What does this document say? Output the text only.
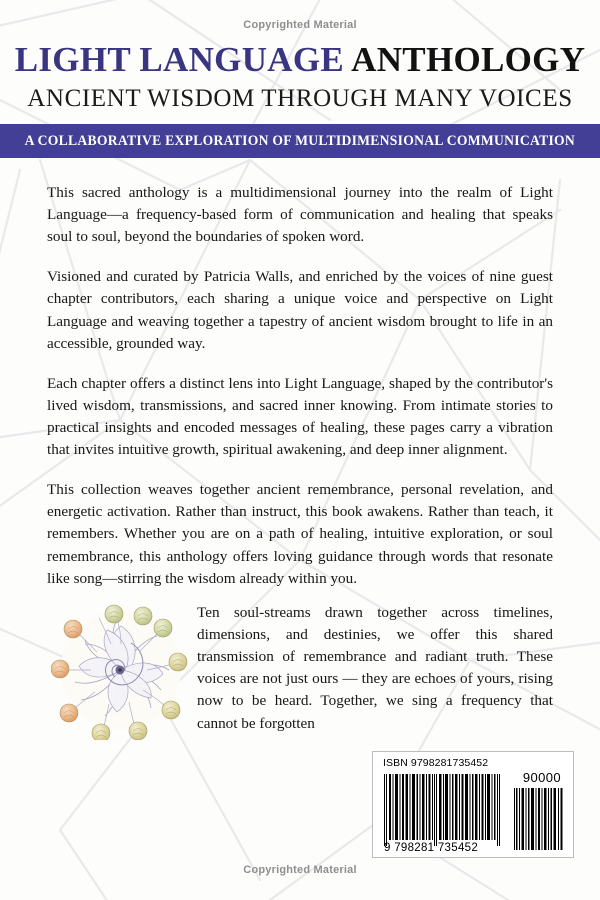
Copyrighted Material
LIGHT LANGUAGE ANTHOLOGY
ANCIENT WISDOM THROUGH MANY VOICES
A COLLABORATIVE EXPLORATION OF MULTIDIMENSIONAL COMMUNICATION

This sacred anthology is a multidimensional journey into the realm of Light Language—a frequency-based form of communication and healing that speaks soul to soul, beyond the boundaries of spoken word.

Visioned and curated by Patricia Walls, and enriched by the voices of nine guest chapter contributors, each sharing a unique voice and perspective on Light Language and weaving together a tapestry of ancient wisdom brought to life in an accessible, grounded way.

Each chapter offers a distinct lens into Light Language, shaped by the contributor's lived wisdom, transmissions, and sacred inner knowing. From intimate stories to practical insights and encoded messages of healing, these pages carry a vibration that invites intuitive growth, spiritual awakening, and deep inner alignment.

This collection weaves together ancient remembrance, personal revelation, and energetic activation. Rather than instruct, this book awakens. Rather than teach, it remembers. Whether you are on a path of healing, intuitive exploration, or soul remembrance, this anthology offers loving guidance through words that resonate like song—stirring the wisdom already within you.

Ten soul-streams drawn together across timelines, dimensions, and destinies, we offer this shared transmission of remembrance and radiant truth. These voices are not just ours — they are echoes of yours, rising now to be heard. Together, we sing a frequency that cannot be forgotten

Copyrighted Material
ISBN 9798281735452
90000
9 798281 735452
